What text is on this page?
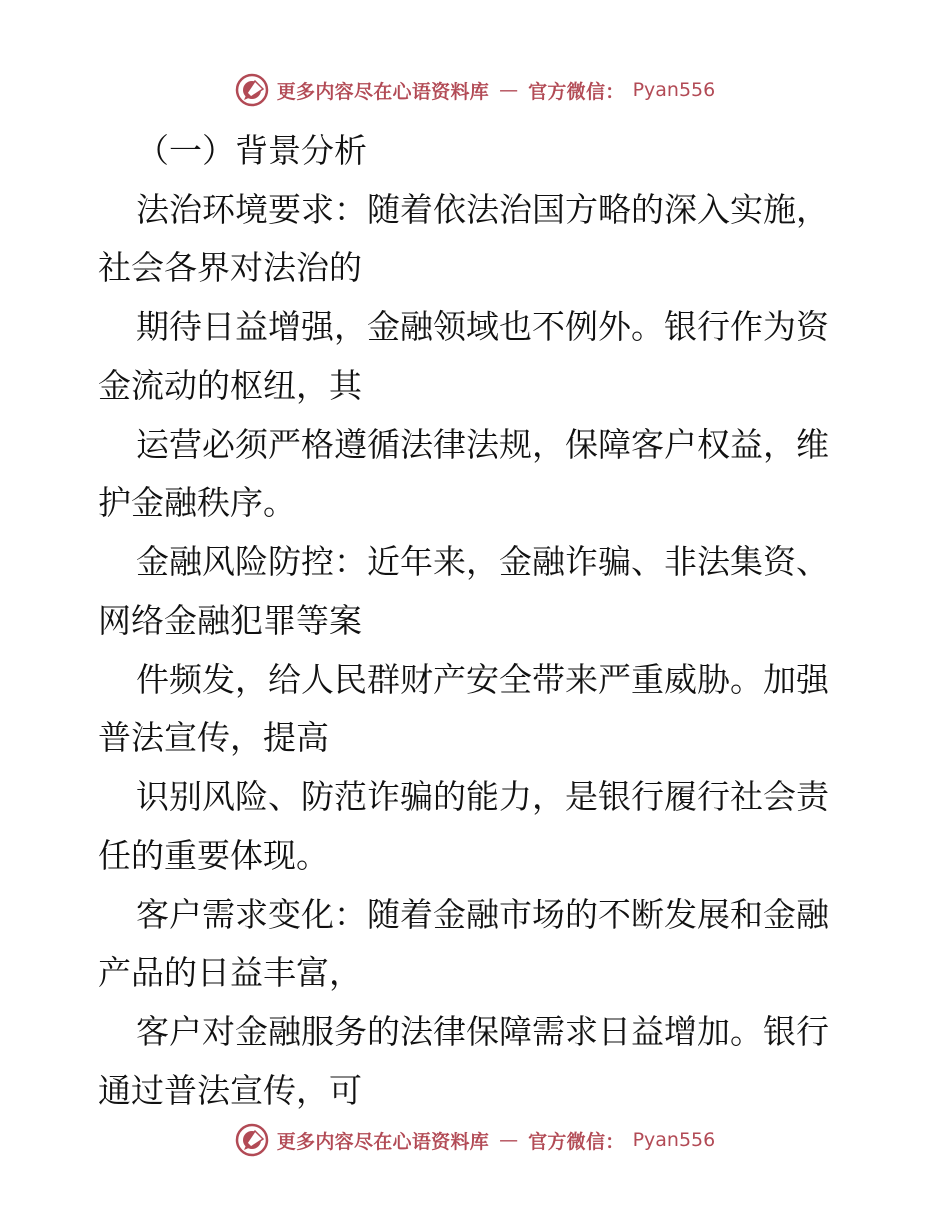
更多内容尽在心语资料库 — 官方微信： Pyan556

（一）背景分析

法治环境要求：随着依法治国方略的深入实施，
社会各界对法治的

期待日益增强，金融领域也不例外。银行作为资
金流动的枢纽，其

运营必须严格遵循法律法规，保障客户权益，维
护金融秩序。

金融风险防控：近年来，金融诈骗、非法集资、
网络金融犯罪等案

件频发，给人民群财产安全带来严重威胁。加强
普法宣传，提高

识别风险、防范诈骗的能力，是银行履行社会责
任的重要体现。

客户需求变化：随着金融市场的不断发展和金融
产品的日益丰富，

客户对金融服务的法律保障需求日益增加。银行
通过普法宣传，可

更多内容尽在心语资料库 — 官方微信： Pyan556
